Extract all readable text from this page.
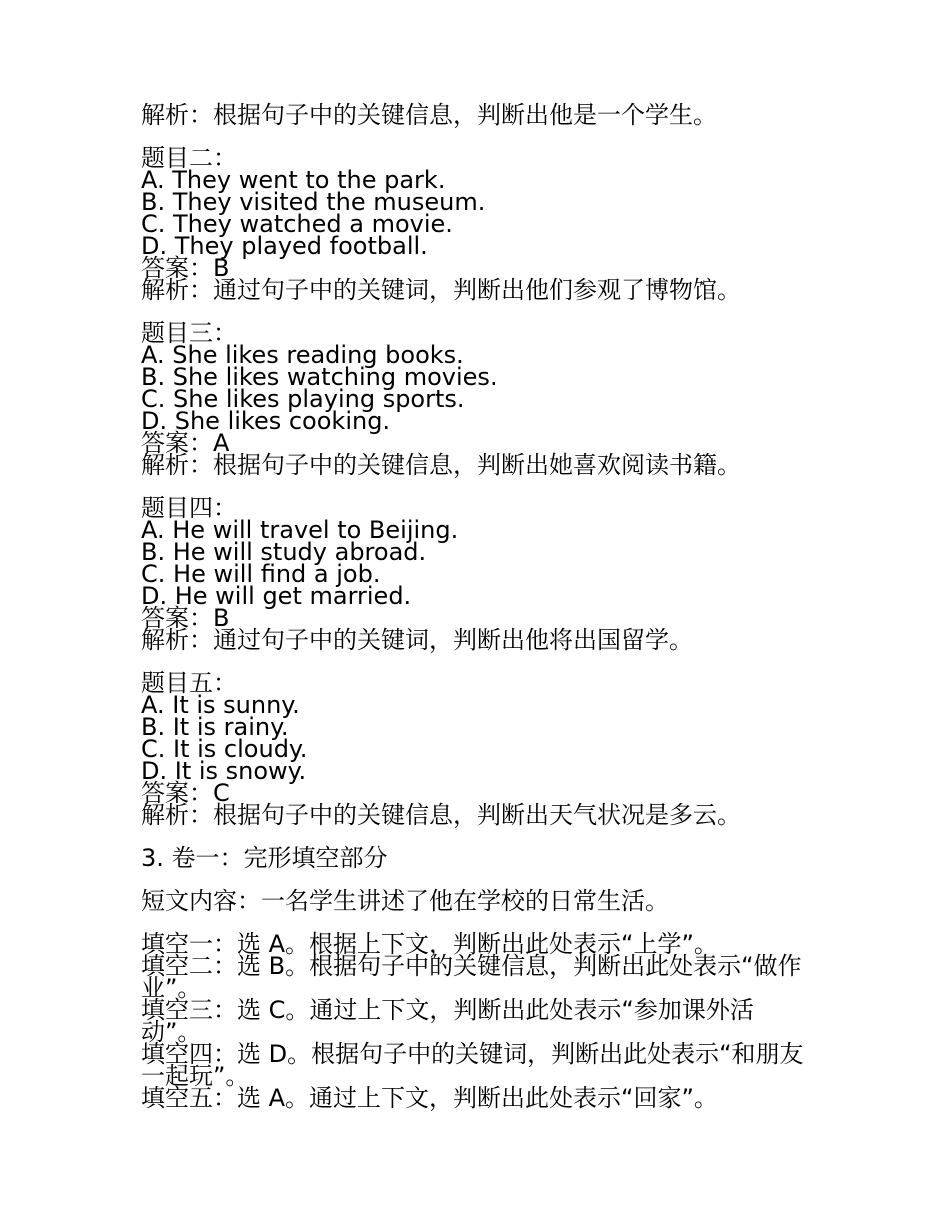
解析：根据句子中的关键信息，判断出他是一个学生。
题目二：
A. They went to the park.
B. They visited the museum.
C. They watched a movie.
D. They played football.
答案：B
解析：通过句子中的关键词，判断出他们参观了博物馆。
题目三：
A. She likes reading books.
B. She likes watching movies.
C. She likes playing sports.
D. She likes cooking.
答案：A
解析：根据句子中的关键信息，判断出她喜欢阅读书籍。
题目四：
A. He will travel to Beijing.
B. He will study abroad.
C. He will find a job.
D. He will get married.
答案：B
解析：通过句子中的关键词，判断出他将出国留学。
题目五：
A. It is sunny.
B. It is rainy.
C. It is cloudy.
D. It is snowy.
答案：C
解析：根据句子中的关键信息，判断出天气状况是多云。
3. 卷一：完形填空部分
短文内容：一名学生讲述了他在学校的日常生活。
填空一：选 A。根据上下文，判断出此处表示“上学”。
填空二：选 B。根据句子中的关键信息，判断出此处表示“做作业”。
填空三：选 C。通过上下文，判断出此处表示“参加课外活动”。
填空四：选 D。根据句子中的关键词，判断出此处表示“和朋友一起玩”。
填空五：选 A。通过上下文，判断出此处表示“回家”。
